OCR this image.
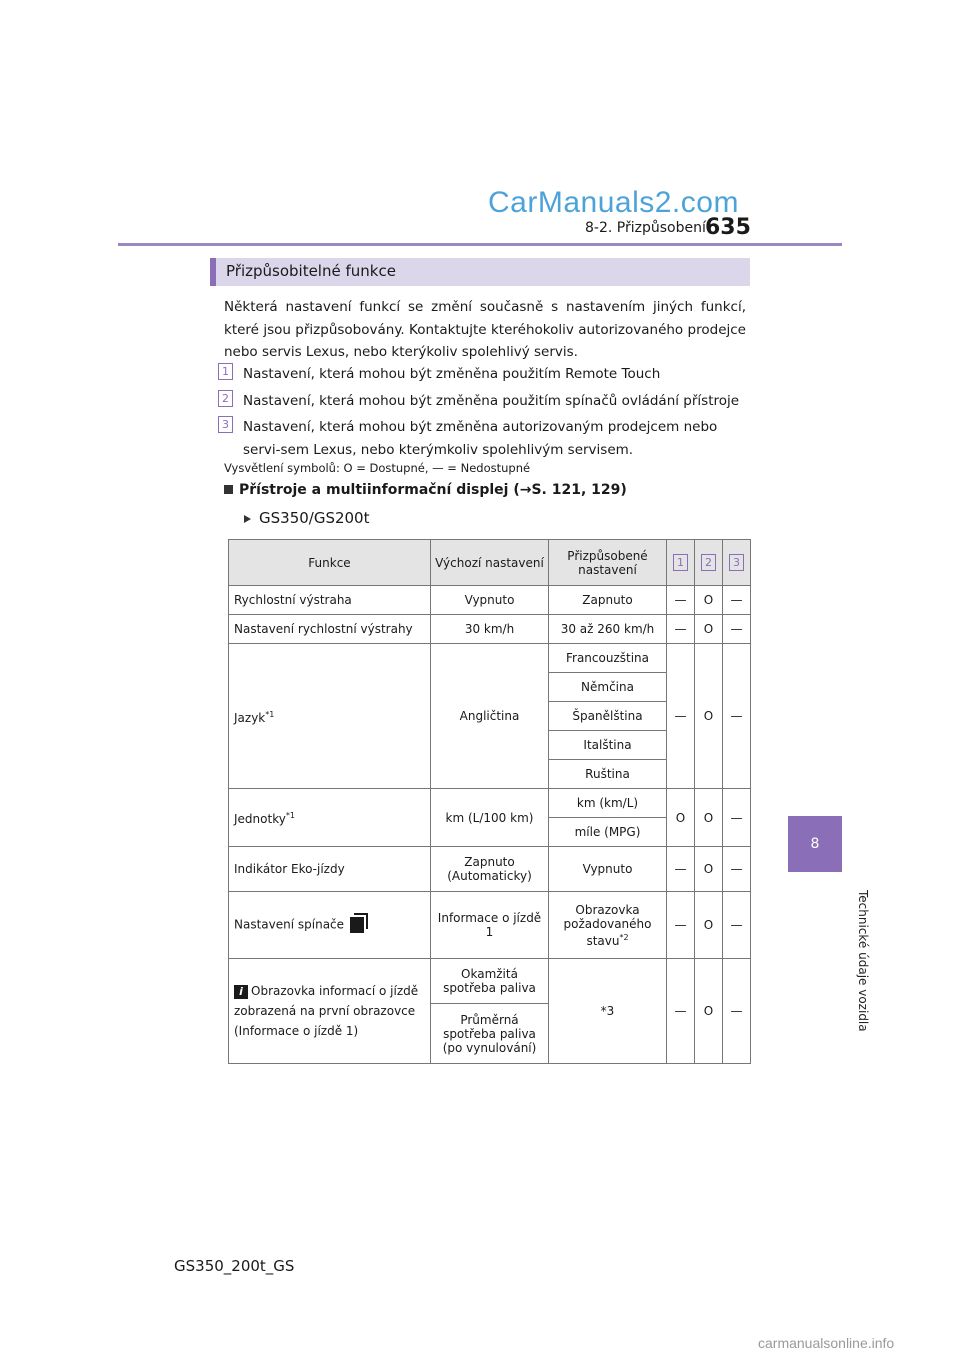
CarManuals2.com
8-2. Přizpůsobení 635
8
Technické údaje vozidla
Přizpůsobitelné funkce
Některá nastavení funkcí se změní současně s nastavením jiných funkcí, které jsou přizpůsobovány. Kontaktujte kteréhokoliv autorizovaného prodejce nebo servis Lexus, nebo kterýkoliv spolehlivý servis.
1 Nastavení, která mohou být změněna použitím Remote Touch
2 Nastavení, která mohou být změněna použitím spínačů ovládání přístroje
3 Nastavení, která mohou být změněna autorizovaným prodejcem nebo servi-sem Lexus, nebo kterýmkoliv spolehlivým servisem.
Vysvětlení symbolů: O = Dostupné, — = Nedostupné
Přístroje a multiinformační displej (→S. 121, 129)
GS350/GS200t
Funkce	Výchozí nastavení	Přizpůsobené nastavení	1	2	3
Rychlostní výstraha	Vypnuto	Zapnuto	—	O	—
Nastavení rychlostní výstrahy	30 km/h	30 až 260 km/h	—	O	—
Jazyk$^{*1}$	Angličtina	Francouzština	—	O	—
		Němčina			
		Španělština			
		Italština			
		Ruština			
Jednotky$^{*1}$	km (L/100 km)	km (km/L)	O	O	—
		míle (MPG)			
Indikátor Eko-jízdy	Zapnuto (Automaticky)	Vypnuto	—	O	—
Nastavení spínače	Informace o jízdě 1	Obrazovka požadovaného stavu$^{*2}$	—	O	—
i Obrazovka informací o jízdě zobrazená na první obrazovce (Informace o jízdě 1)	Okamžitá spotřeba paliva	*3	—	O	—
	Průměrná spotřeba paliva (po vynulování)				
GS350_200t_GS
carmanualsonline.info
